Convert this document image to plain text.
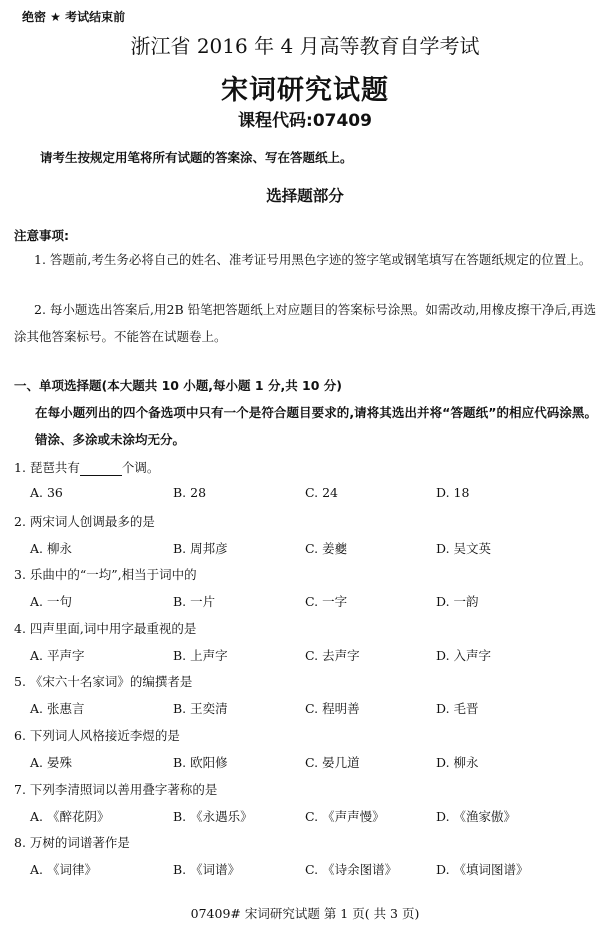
绝密 ★ 考试结束前
浙江省 2016 年 4 月高等教育自学考试
宋词研究试题
课程代码:07409
请考生按规定用笔将所有试题的答案涂、写在答题纸上。
选择题部分
注意事项:
1. 答题前,考生务必将自己的姓名、准考证号用黑色字迹的签字笔或钢笔填写在答题纸规定的位置上。
2. 每小题选出答案后,用2B 铅笔把答题纸上对应题目的答案标号涂黑。如需改动,用橡皮擦干净后,再选涂其他答案标号。不能答在试题卷上。
一、单项选择题(本大题共 10 小题,每小题 1 分,共 10 分)
在每小题列出的四个备选项中只有一个是符合题目要求的,请将其选出并将“答题纸”的相应代码涂黑。错涂、多涂或未涂均无分。
1. 琵琶共有	个调。
A. 36	B. 28	C. 24	D. 18
2. 两宋词人创调最多的是
A. 柳永	B. 周邦彦	C. 姜夔	D. 吴文英
3. 乐曲中的“一均”,相当于词中的
A. 一句	B. 一片	C. 一字	D. 一韵
4. 四声里面,词中用字最重视的是
A. 平声字	B. 上声字	C. 去声字	D. 入声字
5. 《宋六十名家词》的编撰者是
A. 张惠言	B. 王奕清	C. 程明善	D. 毛晋
6. 下列词人风格接近李煜的是
A. 晏殊	B. 欧阳修	C. 晏几道	D. 柳永
7. 下列李清照词以善用叠字著称的是
A. 《醉花阴》	B. 《永遇乐》	C. 《声声慢》	D. 《渔家傲》
8. 万树的词谱著作是
A. 《词律》	B. 《词谱》	C. 《诗余图谱》	D. 《填词图谱》
07409# 宋词研究试题 第 1 页( 共 3 页)
